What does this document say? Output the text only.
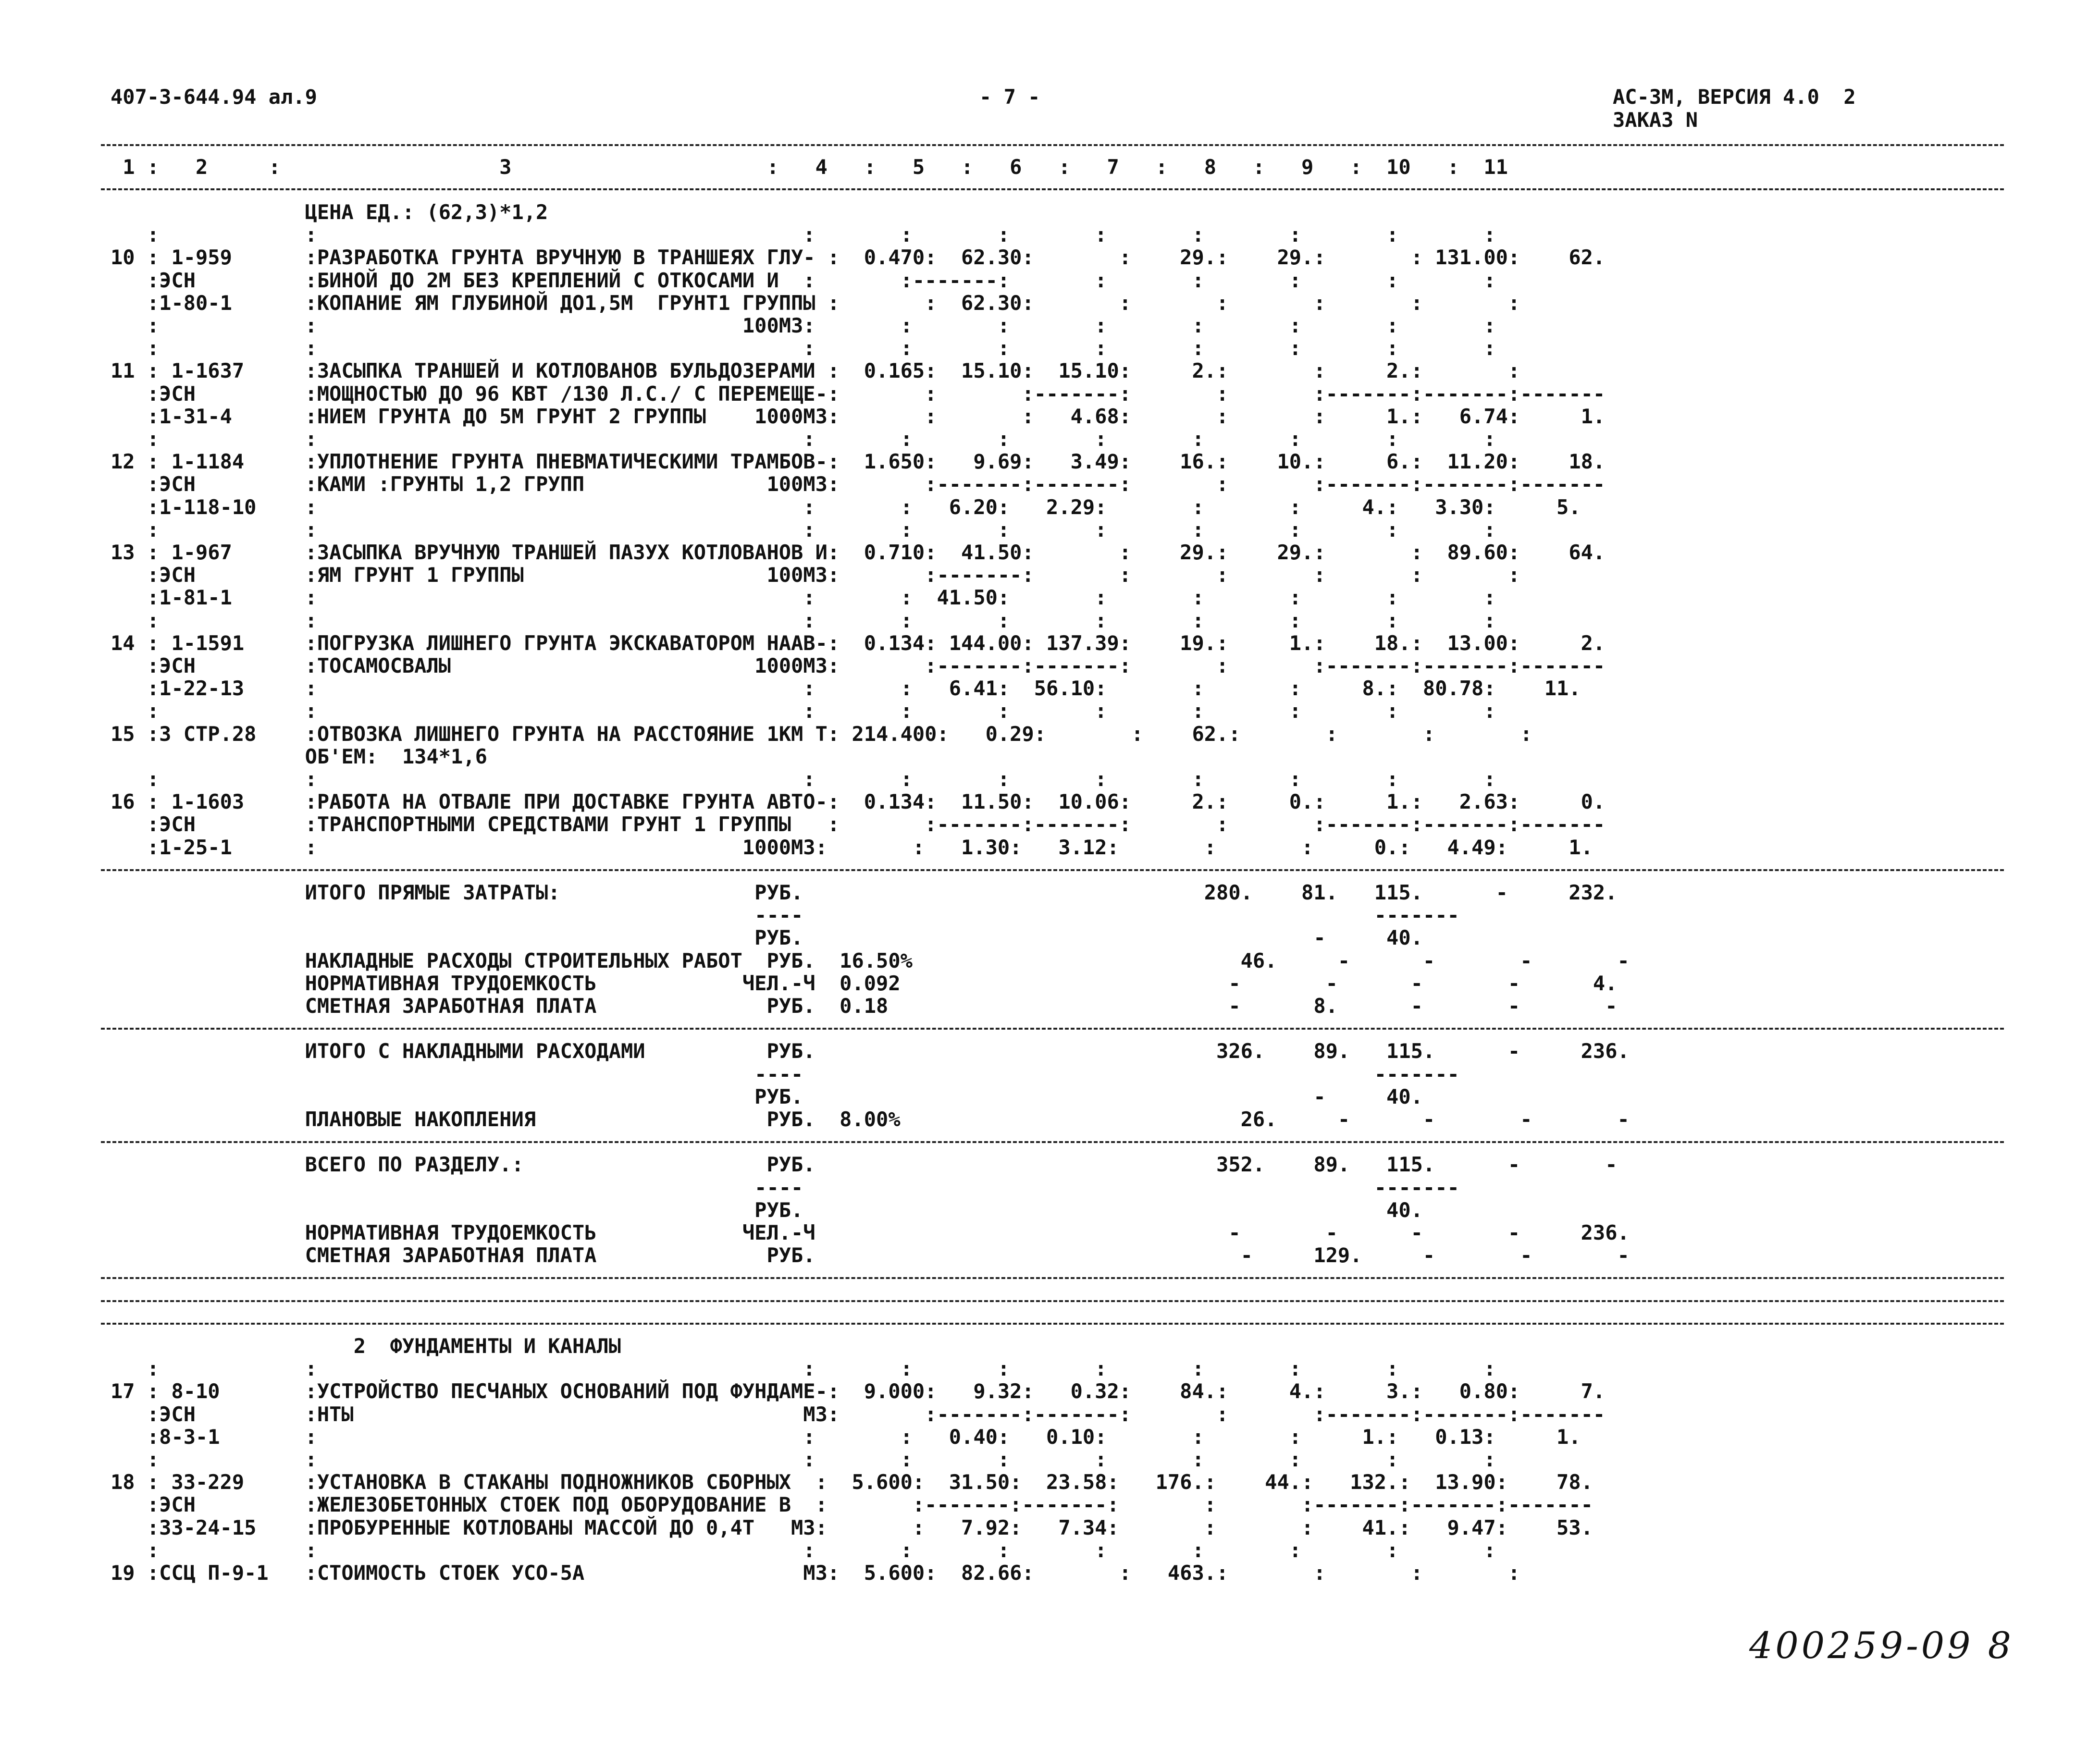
407-3-644.94 ал.9	- 7 -	АС-3М, ВЕРСИЯ 4.0  2
ЗАКАЗ N
1 :   2     :                  3                     :   4   :   5   :   6   :   7   :   8   :   9   :  10   :  11
ЦЕНА ЕД.: (62,3)*1,2
:            :                                        :       :       :       :       :       :       :       :
10 : 1-959      :РАЗРАБОТКА ГРУНТА ВРУЧНУЮ В ТРАНШЕЯХ ГЛУ- :  0.470:  62.30:       :    29.:    29.:       : 131.00:    62.
:ЭСН         :БИНОЙ ДО 2М БЕЗ КРЕПЛЕНИЙ С ОТКОСАМИ И  :       :-------:       :       :       :       :       :
:1-80-1      :КОПАНИЕ ЯМ ГЛУБИНОЙ ДО1,5М  ГРУНТ1 ГРУППЫ :       :  62.30:       :       :       :       :       :
:            :                                   100М3:       :       :       :       :       :       :       :
:            :                                        :       :       :       :       :       :       :       :
11 : 1-1637     :ЗАСЫПКА ТРАНШЕЙ И КОТЛОВАНОВ БУЛЬДОЗЕРАМИ :  0.165:  15.10:  15.10:     2.:       :     2.:       :
:ЭСН         :МОЩНОСТЬЮ ДО 96 КВТ /130 Л.С./ С ПЕРЕМЕЩЕ-:       :       :-------:       :       :-------:-------:-------
:1-31-4      :НИЕМ ГРУНТА ДО 5М ГРУНТ 2 ГРУППЫ    1000М3:       :       :   4.68:       :       :     1.:   6.74:     1.
:            :                                        :       :       :       :       :       :       :       :
12 : 1-1184     :УПЛОТНЕНИЕ ГРУНТА ПНЕВМАТИЧЕСКИМИ ТРАМБОВ-:  1.650:   9.69:   3.49:    16.:    10.:     6.:  11.20:    18.
:ЭСН         :КАМИ :ГРУНТЫ 1,2 ГРУПП               100М3:       :-------:-------:       :       :-------:-------:-------
:1-118-10    :                                        :       :   6.20:   2.29:       :       :     4.:   3.30:     5.
:            :                                        :       :       :       :       :       :       :       :
13 : 1-967      :ЗАСЫПКА ВРУЧНУЮ ТРАНШЕЙ ПАЗУХ КОТЛОВАНОВ И:  0.710:  41.50:       :    29.:    29.:       :  89.60:    64.
:ЭСН         :ЯМ ГРУНТ 1 ГРУППЫ                    100М3:       :-------:       :       :       :       :       :
:1-81-1      :                                        :       :  41.50:       :       :       :       :       :
:            :                                        :       :       :       :       :       :       :       :
14 : 1-1591     :ПОГРУЗКА ЛИШНЕГО ГРУНТА ЭКСКАВАТОРОМ НААВ-:  0.134: 144.00: 137.39:    19.:     1.:    18.:  13.00:     2.
:ЭСН         :ТОСАМОСВАЛЫ                         1000М3:       :-------:-------:       :       :-------:-------:-------
:1-22-13     :                                        :       :   6.41:  56.10:       :       :     8.:  80.78:    11.
:            :                                        :       :       :       :       :       :       :       :
15 :3 СТР.28    :ОТВОЗКА ЛИШНЕГО ГРУНТА НА РАССТОЯНИЕ 1КМ Т: 214.400:   0.29:       :    62.:       :       :       :
ОБ'ЕМ:  134*1,6
:            :                                        :       :       :       :       :       :       :       :
16 : 1-1603     :РАБОТА НА ОТВАЛЕ ПРИ ДОСТАВКЕ ГРУНТА АВТО-:  0.134:  11.50:  10.06:     2.:     0.:     1.:   2.63:     0.
:ЭСН         :ТРАНСПОРТНЫМИ СРЕДСТВАМИ ГРУНТ 1 ГРУППЫ   :       :-------:-------:       :       :-------:-------:-------
:1-25-1      :                                   1000М3:       :   1.30:   3.12:       :       :     0.:   4.49:     1.
ИТОГО ПРЯМЫЕ ЗАТРАТЫ:                РУБ.                                 280.    81.   115.      -     232.
----                                               -------
РУБ.                                          -     40.
НАКЛАДНЫЕ РАСХОДЫ СТРОИТЕЛЬНЫХ РАБОТ  РУБ.  16.50%                           46.     -      -       -       -
НОРМАТИВНАЯ ТРУДОЕМКОСТЬ            ЧЕЛ.-Ч  0.092                           -       -      -       -      4.
СМЕТНАЯ ЗАРАБОТНАЯ ПЛАТА              РУБ.  0.18                            -      8.      -       -       -
ИТОГО С НАКЛАДНЫМИ РАСХОДАМИ          РУБ.                                 326.    89.   115.      -     236.
----                                               -------
РУБ.                                          -     40.
ПЛАНОВЫЕ НАКОПЛЕНИЯ                   РУБ.  8.00%                            26.     -      -       -       -
ВСЕГО ПО РАЗДЕЛУ.:                    РУБ.                                 352.    89.   115.      -       -
----                                               -------
РУБ.                                                40.
НОРМАТИВНАЯ ТРУДОЕМКОСТЬ            ЧЕЛ.-Ч                                  -       -      -       -     236.
СМЕТНАЯ ЗАРАБОТНАЯ ПЛАТА              РУБ.                                   -     129.     -       -       -
2  ФУНДАМЕНТЫ И КАНАЛЫ
:            :                                        :       :       :       :       :       :       :       :
17 : 8-10       :УСТРОЙСТВО ПЕСЧАНЫХ ОСНОВАНИЙ ПОД ФУНДАМЕ-:  9.000:   9.32:   0.32:    84.:     4.:     3.:   0.80:     7.
:ЭСН         :НТЫ                                     М3:       :-------:-------:       :       :-------:-------:-------
:8-3-1       :                                        :       :   0.40:   0.10:       :       :     1.:   0.13:     1.
:            :                                        :       :       :       :       :       :       :       :
18 : 33-229     :УСТАНОВКА В СТАКАНЫ ПОДНОЖНИКОВ СБОРНЫХ  :  5.600:  31.50:  23.58:   176.:    44.:   132.:  13.90:    78.
:ЭСН         :ЖЕЛЕЗОБЕТОННЫХ СТОЕК ПОД ОБОРУДОВАНИЕ В  :       :-------:-------:       :       :-------:-------:-------
:33-24-15    :ПРОБУРЕННЫЕ КОТЛОВАНЫ МАССОЙ ДО 0,4Т   М3:       :   7.92:   7.34:       :       :    41.:   9.47:    53.
:            :                                        :       :       :       :       :       :       :       :
19 :ССЦ П-9-1   :СТОИМОСТЬ СТОЕК УСО-5А                  М3:  5.600:  82.66:       :   463.:       :       :       :
400259-09 8
